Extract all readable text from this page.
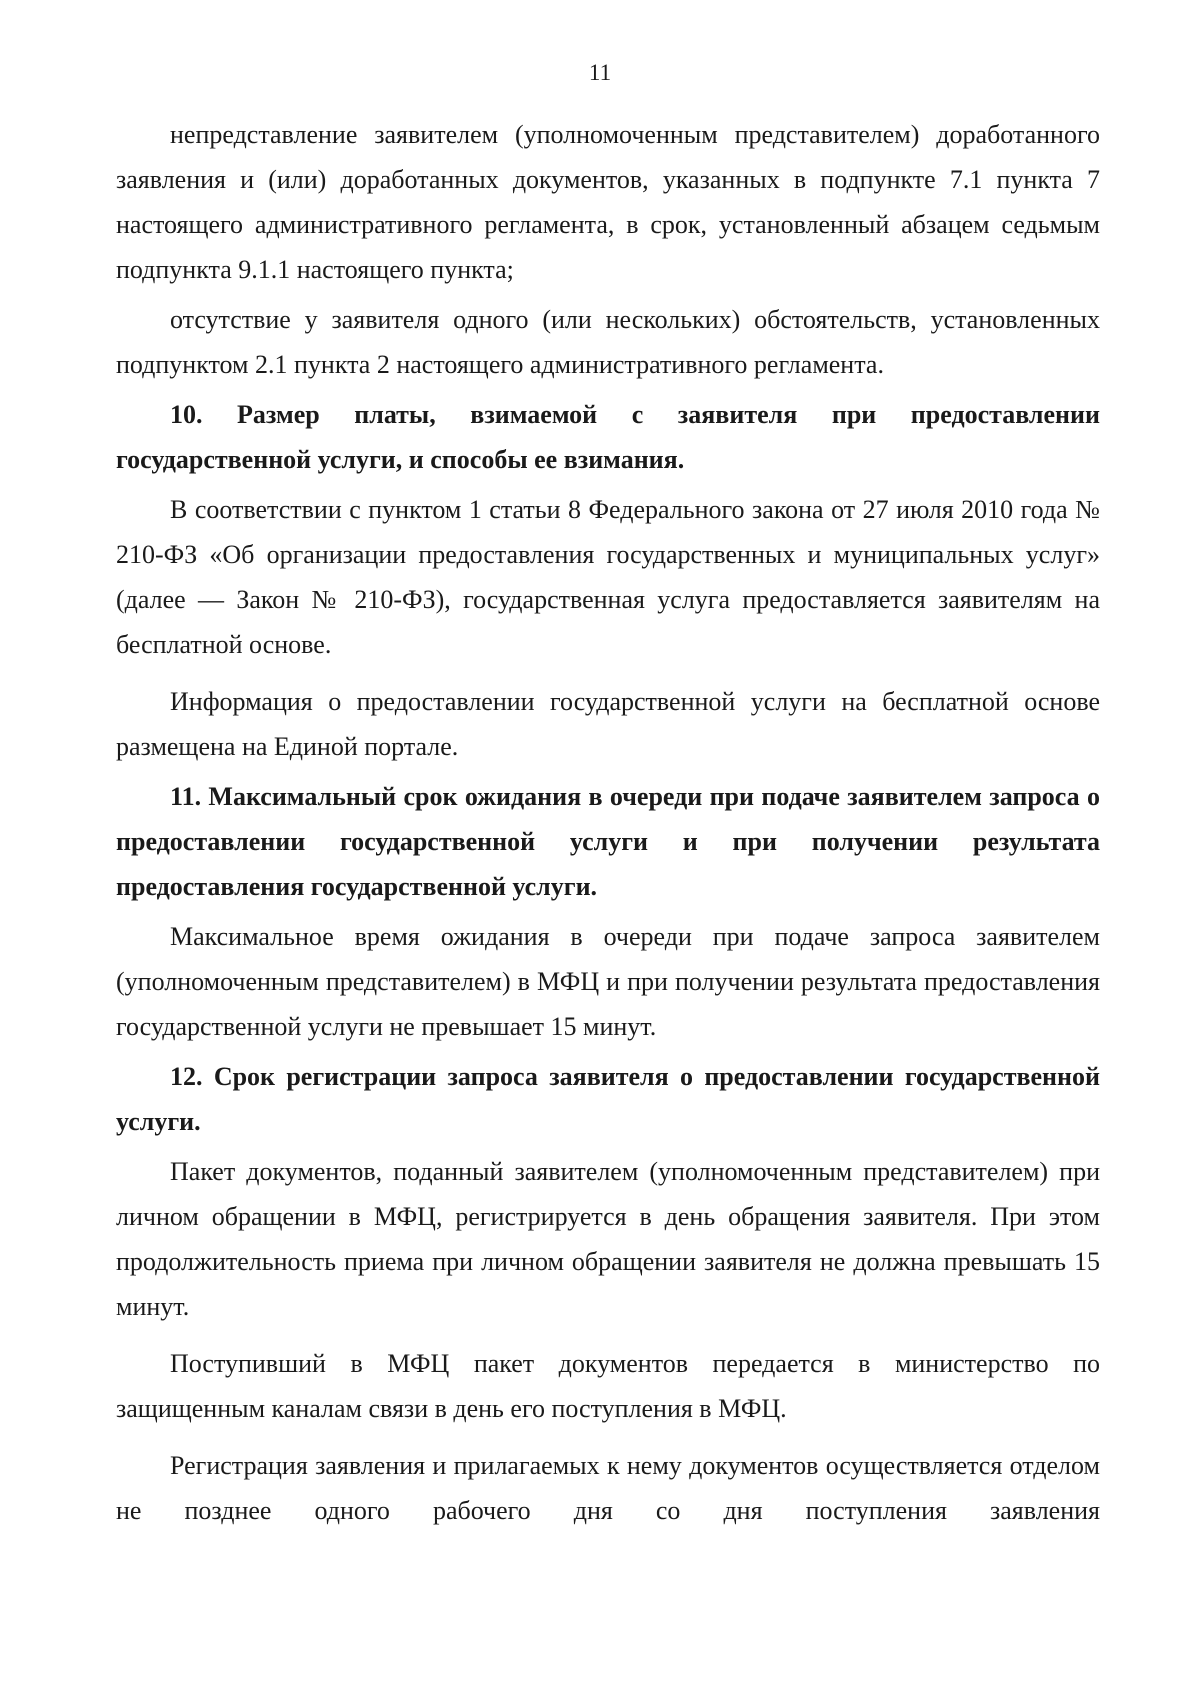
11

непредставление заявителем (уполномоченным представителем) доработанного заявления и (или) доработанных документов, указанных в подпункте 7.1 пункта 7 настоящего административного регламента, в срок, установленный абзацем седьмым подпункта 9.1.1 настоящего пункта;

отсутствие у заявителя одного (или нескольких) обстоятельств, установленных подпунктом 2.1 пункта 2 настоящего административного регламента.

10. Размер платы, взимаемой с заявителя при предоставлении государственной услуги, и способы ее взимания.

В соответствии с пунктом 1 статьи 8 Федерального закона от 27 июля 2010 года № 210-ФЗ «Об организации предоставления государственных и муниципальных услуг» (далее — Закон № 210-ФЗ), государственная услуга предоставляется заявителям на бесплатной основе.

Информация о предоставлении государственной услуги на бесплатной основе размещена на Единой портале.

11. Максимальный срок ожидания в очереди при подаче заявителем запроса о предоставлении государственной услуги и при получении результата предоставления государственной услуги.

Максимальное время ожидания в очереди при подаче запроса заявителем (уполномоченным представителем) в МФЦ и при получении результата предоставления государственной услуги не превышает 15 минут.

12. Срок регистрации запроса заявителя о предоставлении государственной услуги.

Пакет документов, поданный заявителем (уполномоченным представителем) при личном обращении в МФЦ, регистрируется в день обращения заявителя. При этом продолжительность приема при личном обращении заявителя не должна превышать 15 минут.

Поступивший в МФЦ пакет документов передается в министерство по защищенным каналам связи в день его поступления в МФЦ.

Регистрация заявления и прилагаемых к нему документов осуществляется отделом не позднее одного рабочего дня со дня поступления заявления
